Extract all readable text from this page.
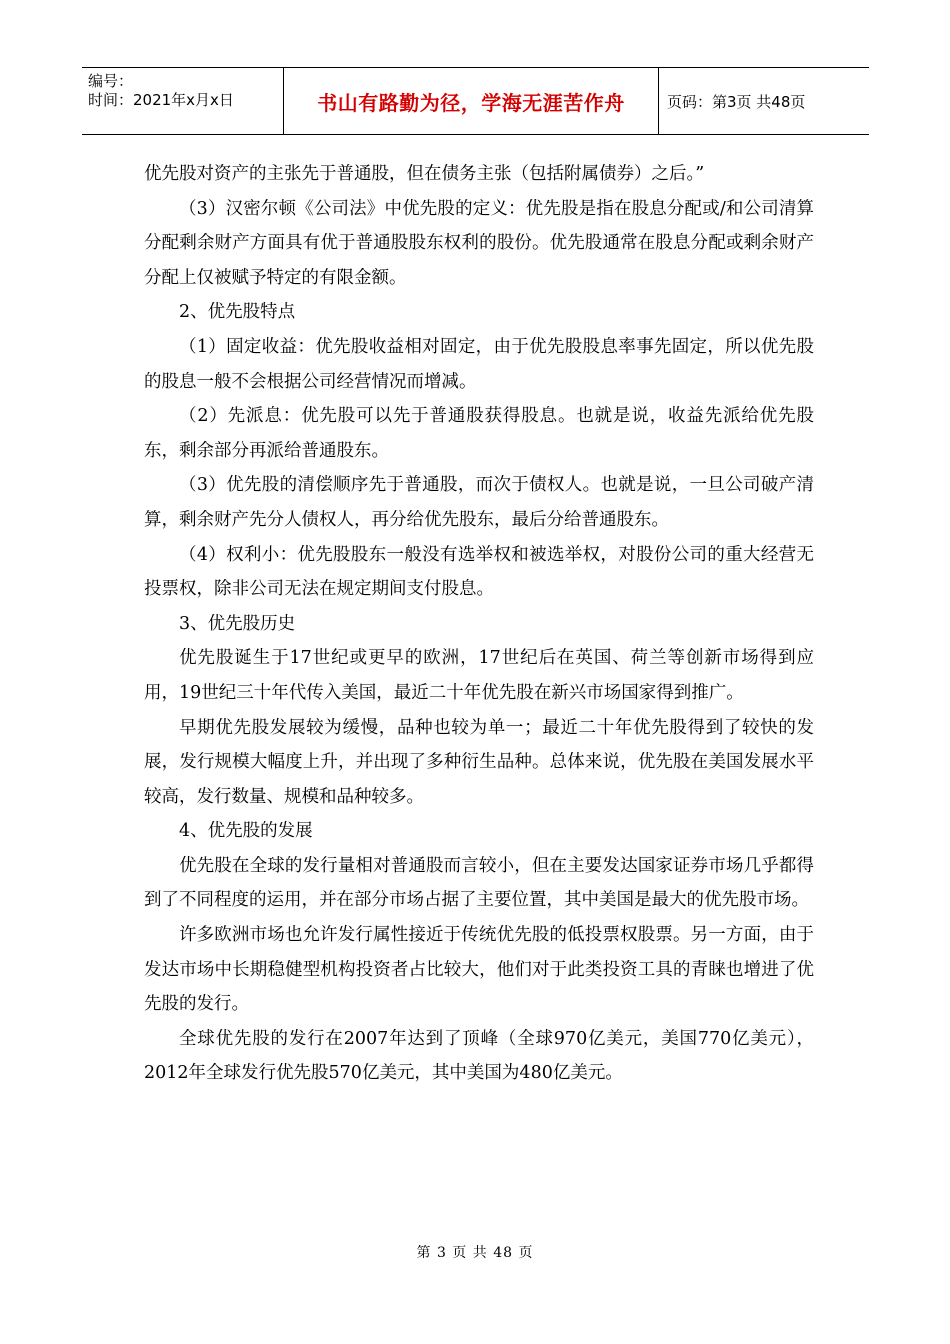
编号：
时间：2021年x月x日	书山有路勤为径，学海无涯苦作舟	页码：第3页 共48页

优先股对资产的主张先于普通股，但在债务主张（包括附属债券）之后。”

（3）汉密尔顿《公司法》中优先股的定义：优先股是指在股息分配或/和公司清算分配剩余财产方面具有优于普通股股东权利的股份。优先股通常在股息分配或剩余财产分配上仅被赋予特定的有限金额。

2、优先股特点

（1）固定收益：优先股收益相对固定，由于优先股股息率事先固定，所以优先股的股息一般不会根据公司经营情况而增减。

（2）先派息：优先股可以先于普通股获得股息。也就是说，收益先派给优先股东，剩余部分再派给普通股东。

（3）优先股的清偿顺序先于普通股，而次于债权人。也就是说，一旦公司破产清算，剩余财产先分人债权人，再分给优先股东，最后分给普通股东。

（4）权利小：优先股股东一般没有选举权和被选举权，对股份公司的重大经营无投票权，除非公司无法在规定期间支付股息。

3、优先股历史

优先股诞生于17世纪或更早的欧洲，17世纪后在英国、荷兰等创新市场得到应用，19世纪三十年代传入美国，最近二十年优先股在新兴市场国家得到推广。

早期优先股发展较为缓慢，品种也较为单一；最近二十年优先股得到了较快的发展，发行规模大幅度上升，并出现了多种衍生品种。总体来说，优先股在美国发展水平较高，发行数量、规模和品种较多。

4、优先股的发展

优先股在全球的发行量相对普通股而言较小，但在主要发达国家证券市场几乎都得到了不同程度的运用，并在部分市场占据了主要位置，其中美国是最大的优先股市场。

许多欧洲市场也允许发行属性接近于传统优先股的低投票权股票。另一方面，由于发达市场中长期稳健型机构投资者占比较大，他们对于此类投资工具的青睐也增进了优先股的发行。

全球优先股的发行在2007年达到了顶峰（全球970亿美元，美国770亿美元），2012年全球发行优先股570亿美元，其中美国为480亿美元。

第 3 页 共 48 页
